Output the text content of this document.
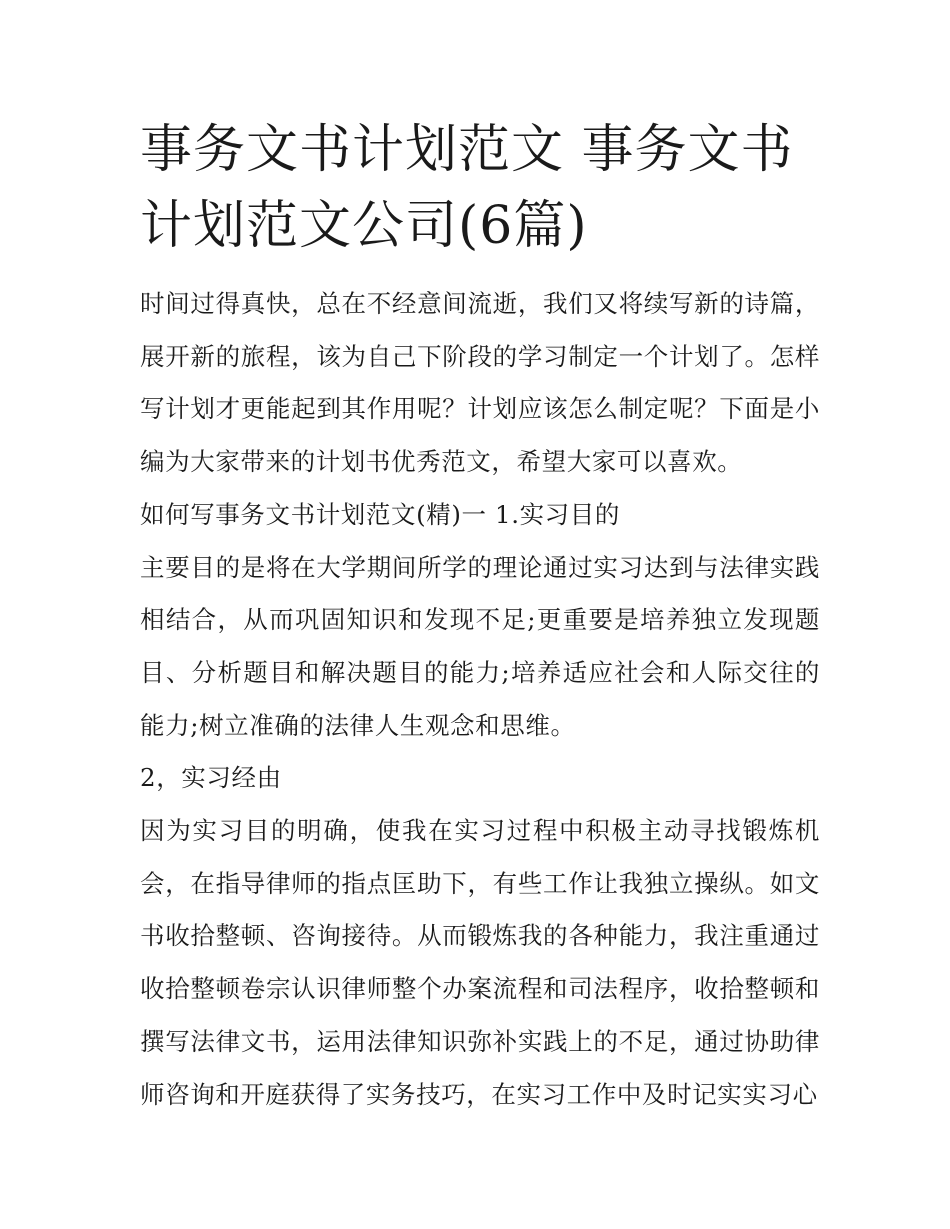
事务文书计划范文 事务文书计划范文公司(6篇)

时间过得真快，总在不经意间流逝，我们又将续写新的诗篇，展开新的旅程，该为自己下阶段的学习制定一个计划了。怎样写计划才更能起到其作用呢？计划应该怎么制定呢？下面是小编为大家带来的计划书优秀范文，希望大家可以喜欢。

如何写事务文书计划范文(精)一 1.实习目的

主要目的是将在大学期间所学的理论通过实习达到与法律实践相结合，从而巩固知识和发现不足;更重要是培养独立发现题目、分析题目和解决题目的能力;培养适应社会和人际交往的能力;树立准确的法律人生观念和思维。

2，实习经由

因为实习目的明确，使我在实习过程中积极主动寻找锻炼机会，在指导律师的指点匡助下，有些工作让我独立操纵。如文书收拾整顿、咨询接待。从而锻炼我的各种能力，我注重通过收拾整顿卷宗认识律师整个办案流程和司法程序，收拾整顿和撰写法律文书，运用法律知识弥补实践上的不足，通过协助律师咨询和开庭获得了实务技巧，在实习工作中及时记实实习心
